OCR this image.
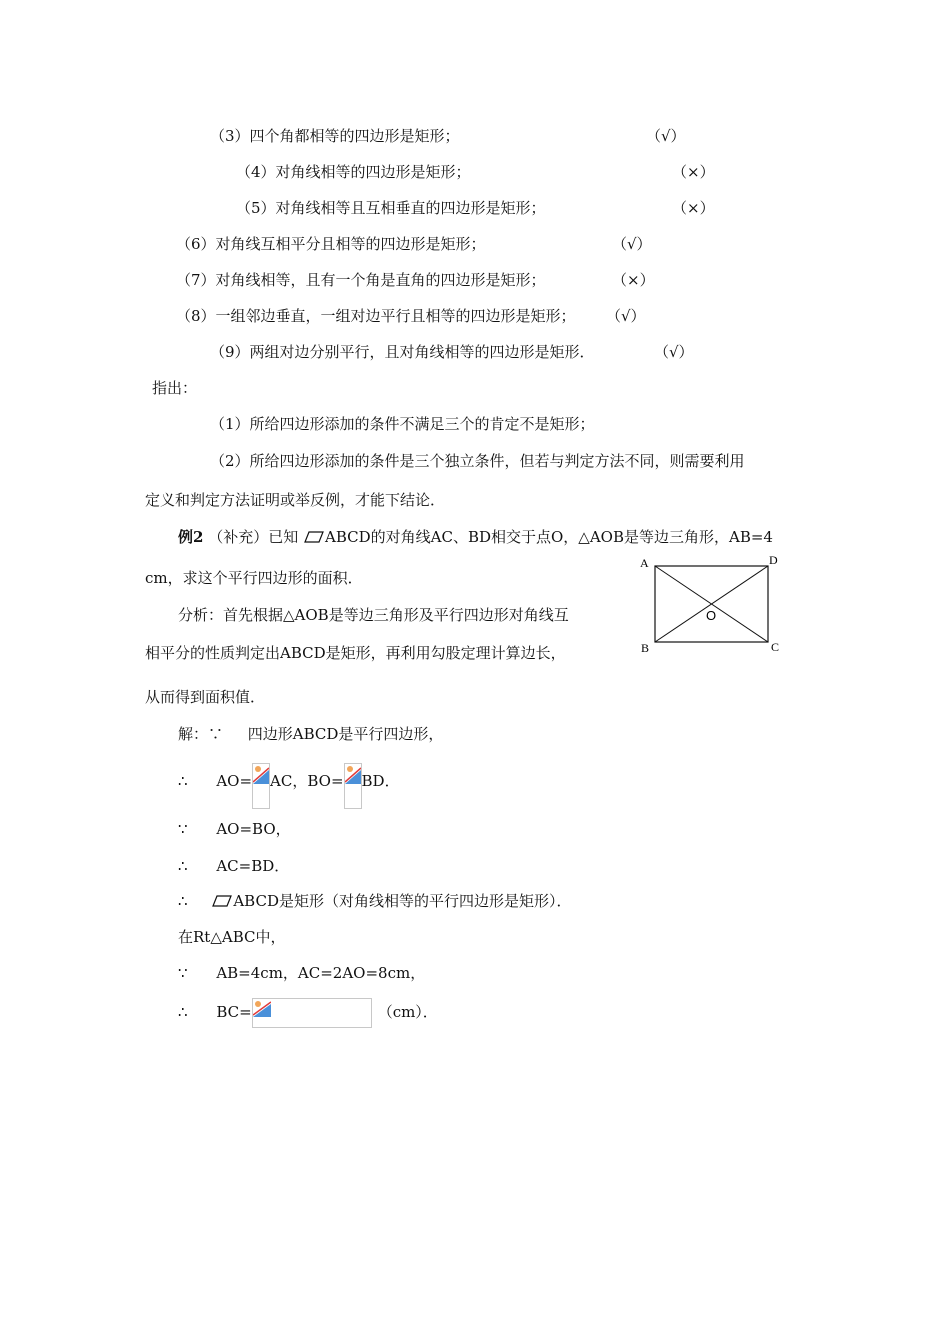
（3）四个角都相等的四边形是矩形；	（√）
（4）对角线相等的四边形是矩形；	（×）
（5）对角线相等且互相垂直的四边形是矩形；	（×）
（6）对角线互相平分且相等的四边形是矩形；	（√）
（7）对角线相等，且有一个角是直角的四边形是矩形；	（×）
（8）一组邻边垂直，一组对边平行且相等的四边形是矩形； （√）
（9）两组对边分别平行，且对角线相等的四边形是矩形．	（√）
指出：
（1）所给四边形添加的条件不满足三个的肯定不是矩形；
（2）所给四边形添加的条件是三个独立条件，但若与判定方法不同，则需要利用
定义和判定方法证明或举反例，才能下结论．
例2 （补充）已知 ABCD的对角线AC、BD相交于点O，△AOB是等边三角形，AB=4
cm，求这个平行四边形的面积．
分析：首先根据△AOB是等边三角形及平行四边形对角线互
相平分的性质判定出ABCD是矩形，再利用勾股定理计算边长，
从而得到面积值．
A	D
B	C
O
解：∵ 四边形ABCD是平行四边形，
∴ AO= AC，BO= BD．
∵ AO=BO，
∴ AC=BD．
∴	ABCD是矩形（对角线相等的平行四边形是矩形）．
在Rt△ABC中，
∵ AB=4cm，AC=2AO=8cm，
∴ BC=	（cm）．
